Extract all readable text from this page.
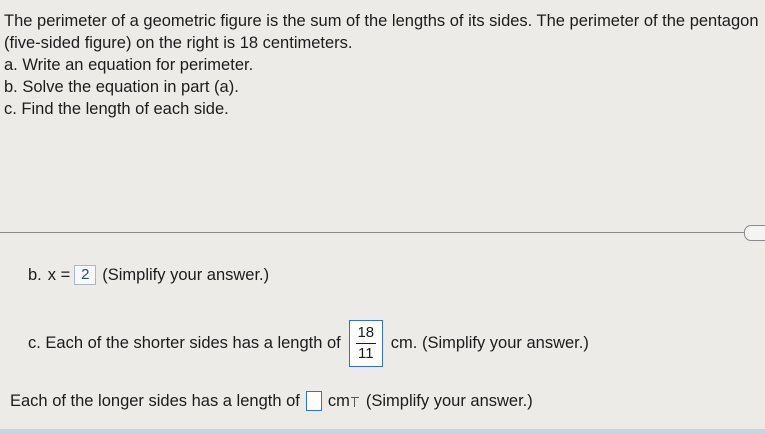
The perimeter of a geometric figure is the sum of the lengths of its sides. The perimeter of the pentagon (five-sided figure) on the right is 18 centimeters.

a. Write an equation for perimeter.

b. Solve the equation in part (a).

c. Find the length of each side.

b. x = 2 (Simplify your answer.)
c. Each of the shorter sides has a length of $\frac{18}{11}$ cm. (Simplify your answer.)
Each of the longer sides has a length of cm (Simplify your answer.)
